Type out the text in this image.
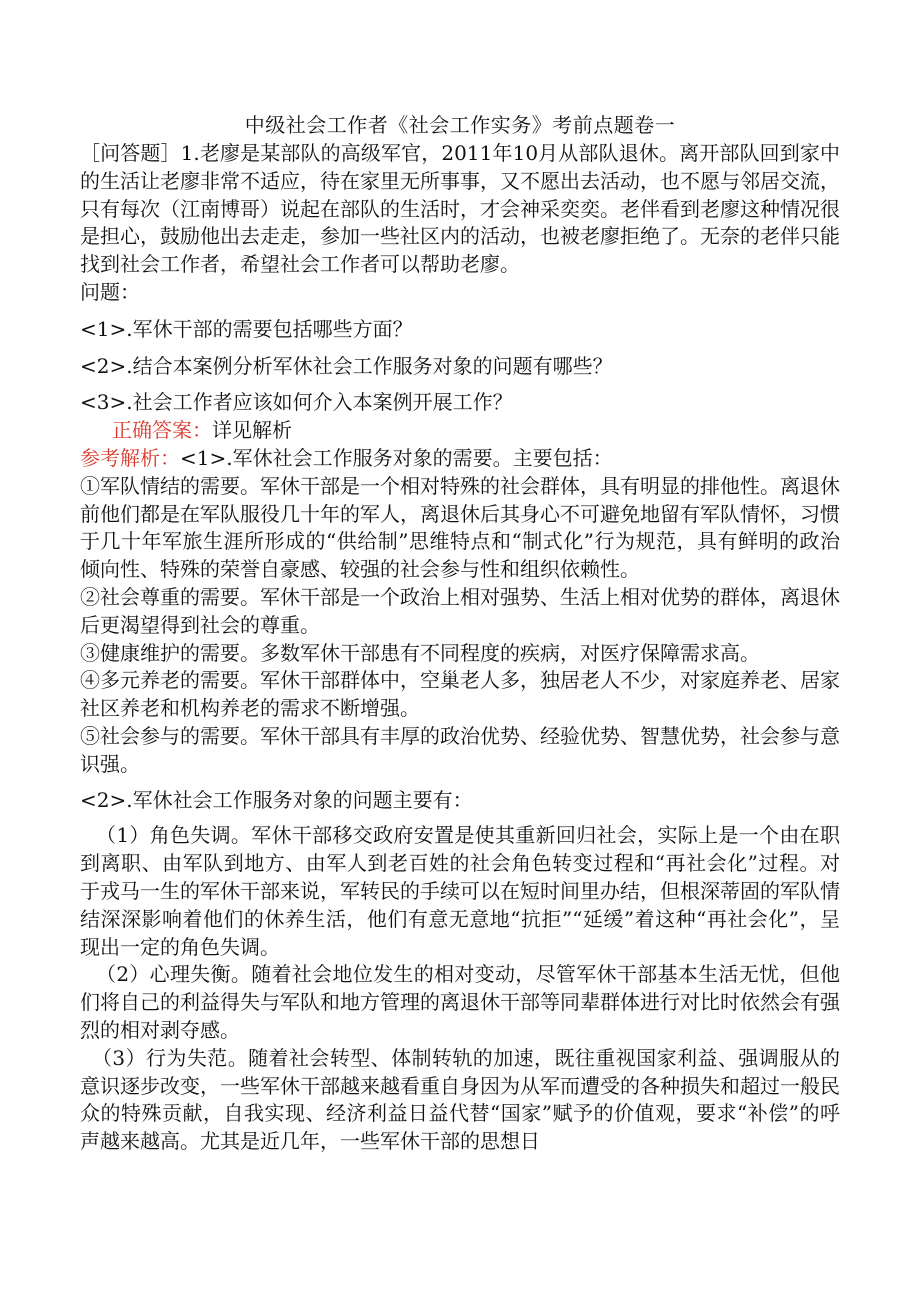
中级社会工作者《社会工作实务》考前点题卷一

［问答题］1.老廖是某部队的高级军官，2011年10月从部队退休。离开部队回到家中的生活让老廖非常不适应，待在家里无所事事，又不愿出去活动，也不愿与邻居交流，只有每次（江南博哥）说起在部队的生活时，才会神采奕奕。老伴看到老廖这种情况很是担心，鼓励他出去走走，参加一些社区内的活动，也被老廖拒绝了。无奈的老伴只能找到社会工作者，希望社会工作者可以帮助老廖。

问题：

<1>.军休干部的需要包括哪些方面？

<2>.结合本案例分析军休社会工作服务对象的问题有哪些？

<3>.社会工作者应该如何介入本案例开展工作？

正确答案：详见解析

参考解析：<1>.军休社会工作服务对象的需要。主要包括：

①军队情结的需要。军休干部是一个相对特殊的社会群体，具有明显的排他性。离退休前他们都是在军队服役几十年的军人，离退休后其身心不可避免地留有军队情怀，习惯于几十年军旅生涯所形成的“供给制”思维特点和“制式化”行为规范，具有鲜明的政治倾向性、特殊的荣誉自豪感、较强的社会参与性和组织依赖性。

②社会尊重的需要。军休干部是一个政治上相对强势、生活上相对优势的群体，离退休后更渴望得到社会的尊重。

③健康维护的需要。多数军休干部患有不同程度的疾病，对医疗保障需求高。

④多元养老的需要。军休干部群体中，空巢老人多，独居老人不少，对家庭养老、居家社区养老和机构养老的需求不断增强。

⑤社会参与的需要。军休干部具有丰厚的政治优势、经验优势、智慧优势，社会参与意识强。

<2>.军休社会工作服务对象的问题主要有：

（1）角色失调。军休干部移交政府安置是使其重新回归社会，实际上是一个由在职到离职、由军队到地方、由军人到老百姓的社会角色转变过程和“再社会化”过程。对于戎马一生的军休干部来说，军转民的手续可以在短时间里办结，但根深蒂固的军队情结深深影响着他们的休养生活，他们有意无意地“抗拒”“延缓”着这种“再社会化”，呈现出一定的角色失调。

（2）心理失衡。随着社会地位发生的相对变动，尽管军休干部基本生活无忧，但他们将自己的利益得失与军队和地方管理的离退休干部等同辈群体进行对比时依然会有强烈的相对剥夺感。

（3）行为失范。随着社会转型、体制转轨的加速，既往重视国家利益、强调服从的意识逐步改变，一些军休干部越来越看重自身因为从军而遭受的各种损失和超过一般民众的特殊贡献，自我实现、经济利益日益代替“国家”赋予的价值观，要求“补偿”的呼声越来越高。尤其是近几年，一些军休干部的思想日
